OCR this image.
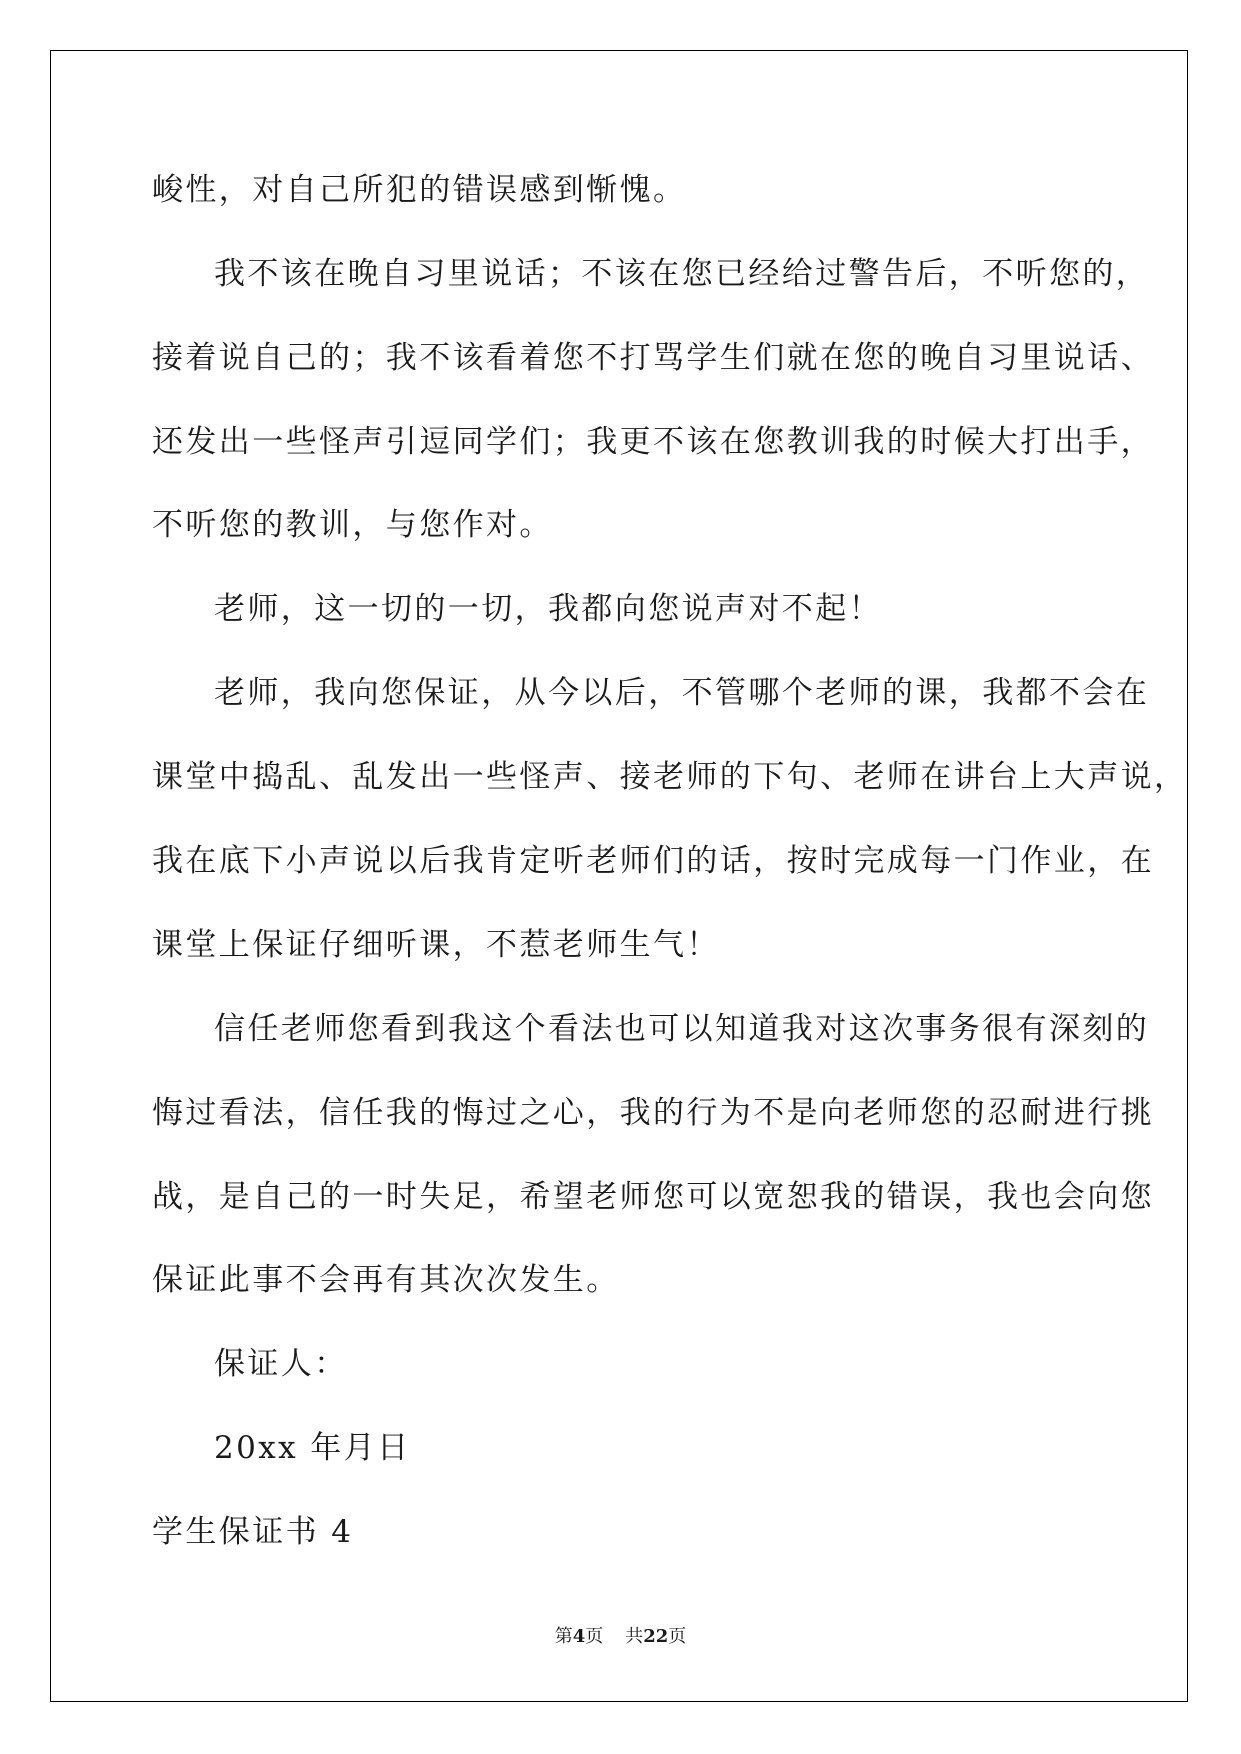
峻性，对自己所犯的错误感到惭愧。

我不该在晚自习里说话；不该在您已经给过警告后，不听您的，

接着说自己的；我不该看着您不打骂学生们就在您的晚自习里说话、

还发出一些怪声引逗同学们；我更不该在您教训我的时候大打出手，

不听您的教训，与您作对。

老师，这一切的一切，我都向您说声对不起！

老师，我向您保证，从今以后，不管哪个老师的课，我都不会在

课堂中捣乱、乱发出一些怪声、接老师的下句、老师在讲台上大声说，

我在底下小声说以后我肯定听老师们的话，按时完成每一门作业，在

课堂上保证仔细听课，不惹老师生气！

信任老师您看到我这个看法也可以知道我对这次事务很有深刻的

悔过看法，信任我的悔过之心，我的行为不是向老师您的忍耐进行挑

战，是自己的一时失足，希望老师您可以宽恕我的错误，我也会向您

保证此事不会再有其次次发生。

保证人：

20xx 年月日

学生保证书 4

第4页 共22页
